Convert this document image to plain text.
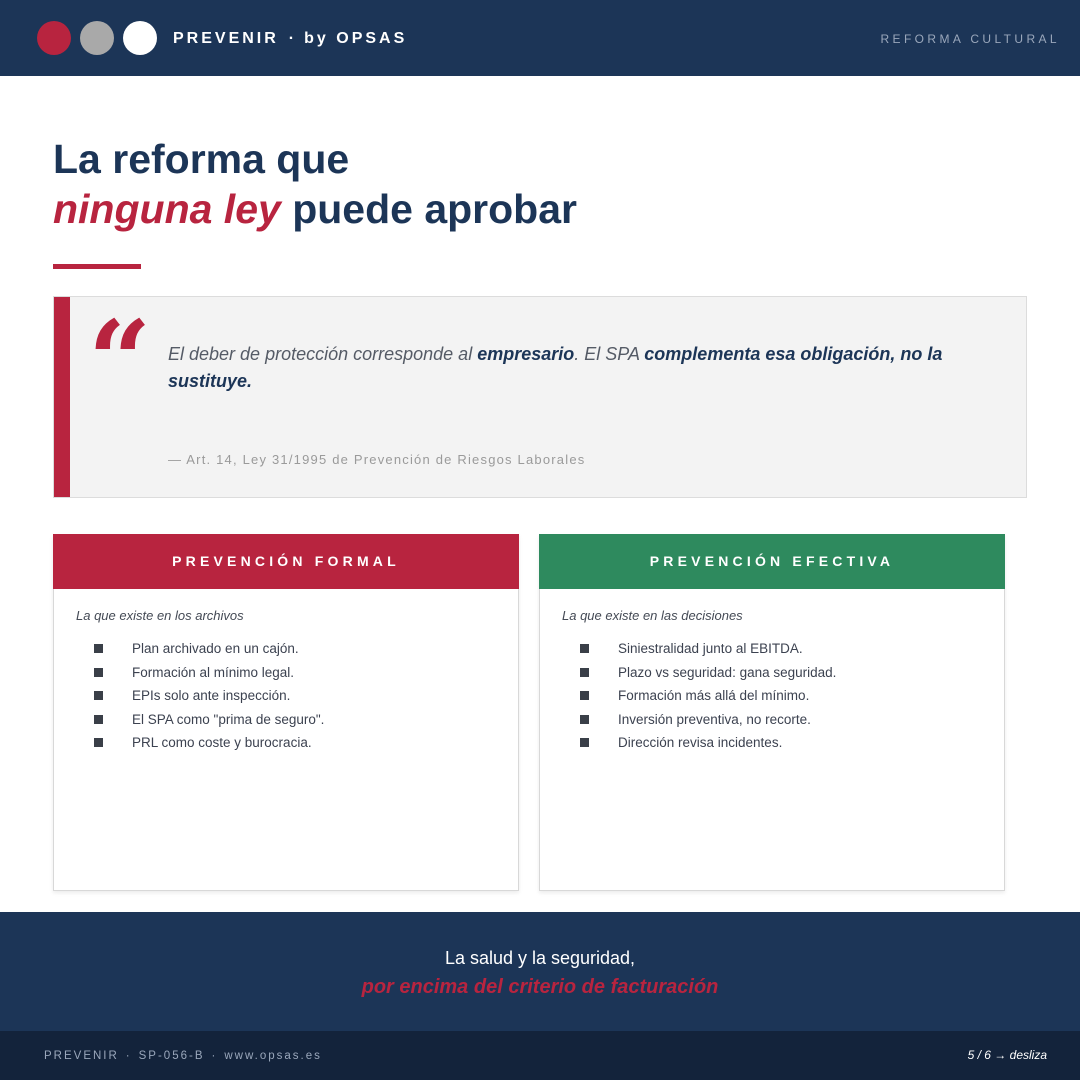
PREVENIR · by OPSAS	REFORMA CULTURAL
La reforma que
ninguna ley puede aprobar
“ El deber de protección corresponde al empresario. El SPA complementa esa obligación, no la sustituye.

— Art. 14, Ley 31/1995 de Prevención de Riesgos Laborales
PREVENCIÓN FORMAL
La que existe en los archivos
Plan archivado en un cajón.
Formación al mínimo legal.
EPIs solo ante inspección.
El SPA como "prima de seguro".
PRL como coste y burocracia.
PREVENCIÓN EFECTIVA
La que existe en las decisiones
Siniestralidad junto al EBITDA.
Plazo vs seguridad: gana seguridad.
Formación más allá del mínimo.
Inversión preventiva, no recorte.
Dirección revisa incidentes.
La salud y la seguridad,
por encima del criterio de facturación
PREVENIR · SP-056-B · www.opsas.es	5 / 6 → desliza
